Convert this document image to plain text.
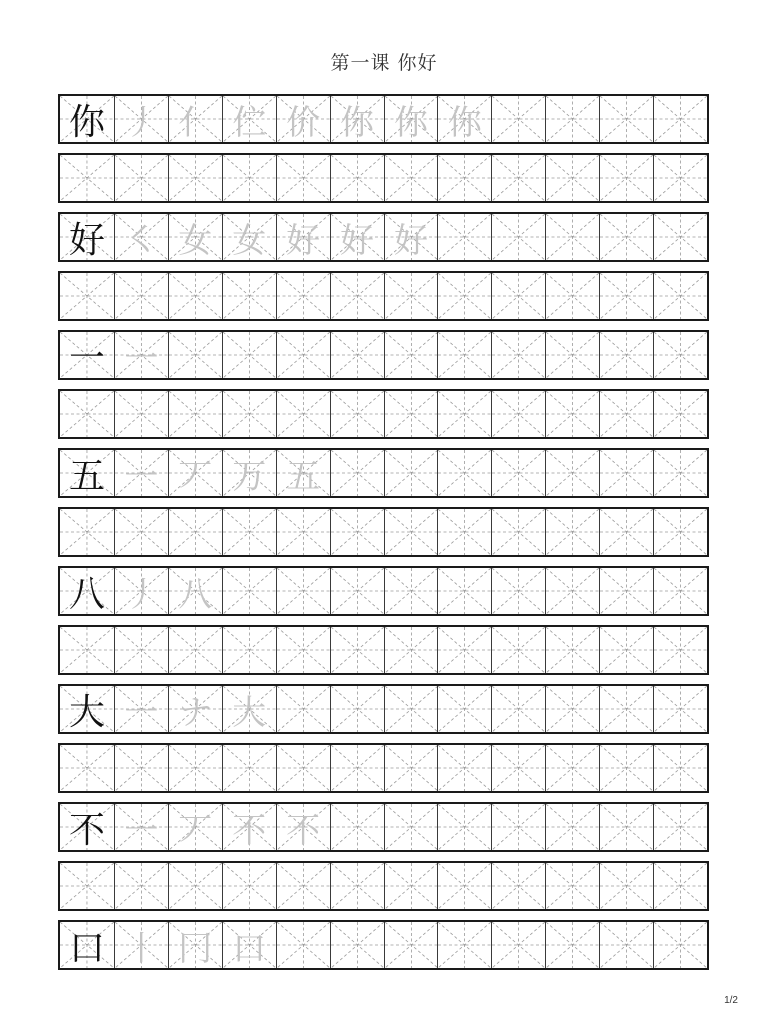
第一课 你好
你 丿 亻 伫 价 你 你 你
好 ㇛ 女 女 好 好 好
一 一
五 一 丆 万 五
八 丿 八
大 一 ナ 大
不 一 丆 不 不
口 丨 冂 口
1/2
